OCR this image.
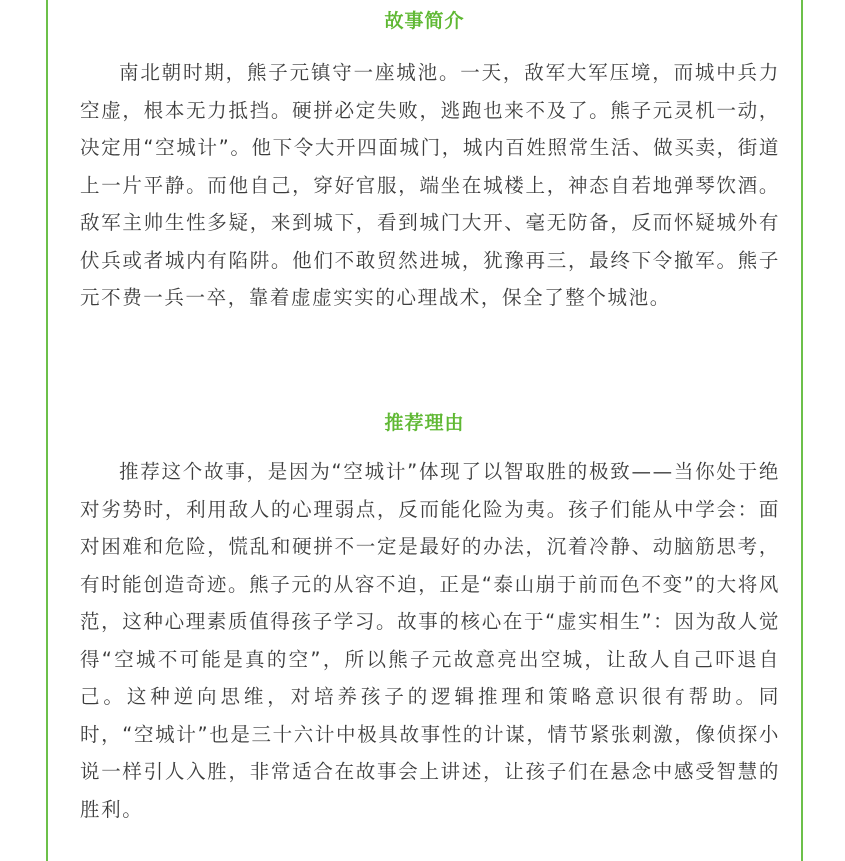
故事简介

南北朝时期，熊子元镇守一座城池。一天，敌军大军压境，而城中兵力空虚，根本无力抵挡。硬拼必定失败，逃跑也来不及了。熊子元灵机一动，决定用“空城计”。他下令大开四面城门，城内百姓照常生活、做买卖，街道上一片平静。而他自己，穿好官服，端坐在城楼上，神态自若地弹琴饮酒。敌军主帅生性多疑，来到城下，看到城门大开、毫无防备，反而怀疑城外有伏兵或者城内有陷阱。他们不敢贸然进城，犹豫再三，最终下令撤军。熊子元不费一兵一卒，靠着虚虚实实的心理战术，保全了整个城池。

推荐理由

推荐这个故事，是因为“空城计”体现了以智取胜的极致——当你处于绝对劣势时，利用敌人的心理弱点，反而能化险为夷。孩子们能从中学会：面对困难和危险，慌乱和硬拼不一定是最好的办法，沉着冷静、动脑筋思考，有时能创造奇迹。熊子元的从容不迫，正是“泰山崩于前而色不变”的大将风范，这种心理素质值得孩子学习。故事的核心在于“虚实相生”：因为敌人觉得“空城不可能是真的空”，所以熊子元故意亮出空城，让敌人自己吓退自己。这种逆向思维，对培养孩子的逻辑推理和策略意识很有帮助。同时，“空城计”也是三十六计中极具故事性的计谋，情节紧张刺激，像侦探小说一样引人入胜，非常适合在故事会上讲述，让孩子们在悬念中感受智慧的胜利。
